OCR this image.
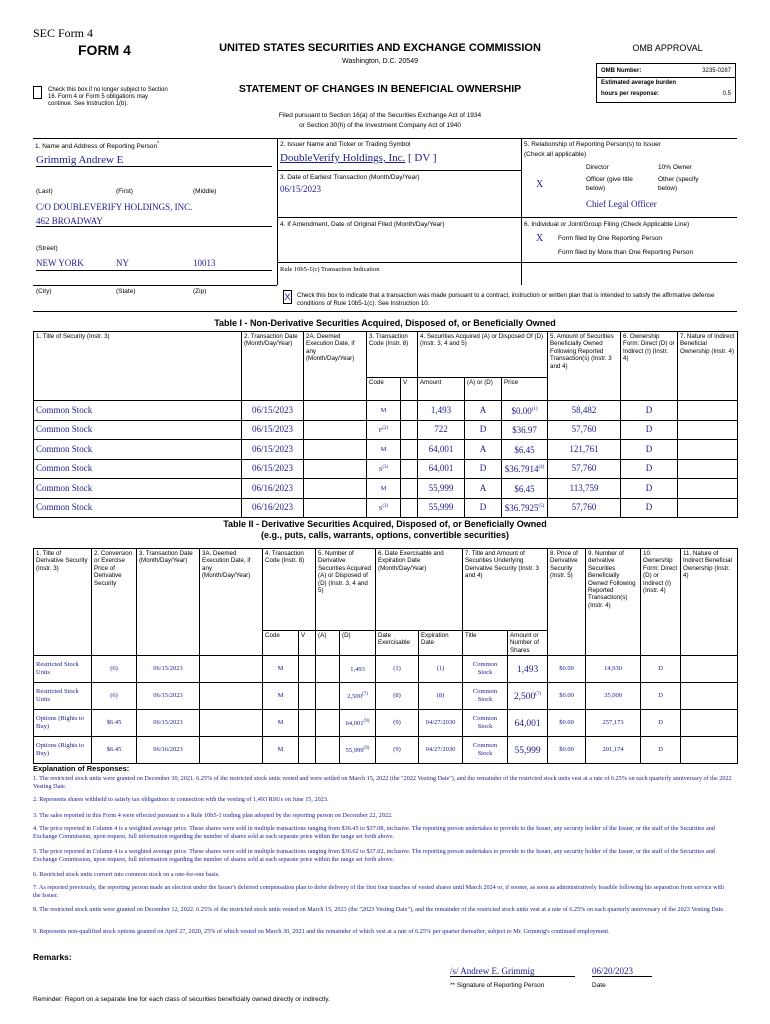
SEC Form 4
FORM 4	UNITED STATES SECURITIES AND EXCHANGE COMMISSION
Washington, D.C. 20549
STATEMENT OF CHANGES IN BENEFICIAL OWNERSHIP
Check this box if no longer subject to Section 16. Form 4 or Form 5 obligations may continue. See Instruction 1(b).
Filed pursuant to Section 16(a) of the Securities Exchange Act of 1934
or Section 30(h) of the Investment Company Act of 1940
OMB APPROVAL
OMB Number:	3235-0287
Estimated average burden
hours per response:	0.5
1. Name and Address of Reporting Person*
Grimmig Andrew E
(Last)	(First)	(Middle)
C/O DOUBLEVERIFY HOLDINGS, INC.
462 BROADWAY
(Street)
NEW YORK	NY	10013
(City)	(State)	(Zip)
2. Issuer Name and Ticker or Trading Symbol
DoubleVerify Holdings, Inc. [ DV ]
3. Date of Earliest Transaction (Month/Day/Year)
06/15/2023
4. If Amendment, Date of Original Filed (Month/Day/Year)
5. Relationship of Reporting Person(s) to Issuer
(Check all applicable)
Director	10% Owner
X	Officer (give title below)
Other (specify below)
Chief Legal Officer
6. Individual or Joint/Group Filing (Check Applicable Line)
X Form filed by One Reporting Person
Form filed by More than One Reporting Person
Rule 10b5-1(c) Transaction Indication
X Check this box to indicate that a transaction was made pursuant to a contract, instruction or written plan that is intended to satisfy the affirmative defense conditions of Rule 10b5-1(c). See Instruction 10.
Table I - Non-Derivative Securities Acquired, Disposed of, or Beneficially Owned
1. Title of Security (Instr. 3)	2. Transaction Date (Month/Day/Year)	2A. Deemed Execution Date, if any (Month/Day/Year)	3. Transaction Code (Instr. 8)		4. Securities Acquired (A) or Disposed Of (D) (Instr. 3, 4 and 5)			5. Amount of Securities Beneficially Owned Following Reported Transaction(s) (Instr. 3 and 4)	6. Ownership Form: Direct (D) or Indirect (I) (Instr. 4)	7. Nature of Indirect Beneficial Ownership (Instr. 4)
			Code	V	Amount	(A) or (D)	Price			
Common Stock	06/15/2023		M		1,493	A	$0.00$^{(1)}$	58,482	D	
Common Stock	06/15/2023		$F^{(2)}$		722	D	$36.97	57,760	D	
Common Stock	06/15/2023		M		64,001	A	$6.45	121,761	D	
Common Stock	06/15/2023		$S^{(3)}$		64,001	D	$36.7914$^{(4)}$	57,760	D	
Common Stock	06/16/2023		M		55,999	A	$6.45	113,759	D	
Common Stock	06/16/2023		$S^{(3)}$		55,999	D	$36.7925$^{(5)}$	57,760	D	
Table II - Derivative Securities Acquired, Disposed of, or Beneficially Owned
(e.g., puts, calls, warrants, options, convertible securities)
1. Title of Derivative Security (Instr. 3)	2. Conversion or Exercise Price of Derivative Security	3. Transaction Date (Month/Day/Year)	3A. Deemed Execution Date, if any (Month/Day/Year)	4. Transaction Code (Instr. 8)		5. Number of Derivative Securities Acquired (A) or Disposed of (D) (Instr. 3, 4 and 5)		6. Date Exercisable and Expiration Date (Month/Day/Year)		7. Title and Amount of Securities Underlying Derivative Security (Instr. 3 and 4)		8. Price of Derivative Security (Instr. 5)	9. Number of derivative Securities Beneficially Owned Following Reported Transaction(s) (Instr. 4)	10. Ownership Form: Direct (D) or Indirect (I) (Instr. 4)	11. Nature of Indirect Beneficial Ownership (Instr. 4)
				Code	V	(A)	(D)	Date Exercisable	Expiration Date	Title	Amount or Number of Shares				
Restricted Stock Units	(6)	06/15/2023		M			1,493	(1)	(1)	Common Stock	1,493	$0.00	14,930	D	
Restricted Stock Units	(6)	06/15/2023		M			2,500$^{(7)}$	(8)	(8)	Common Stock	2,500$^{(7)}$	$0.00	35,000	D	
Options (Rights to Buy)	$6.45	06/15/2023		M			64,001$^{(9)}$	(9)	04/27/2030	Common Stock	64,001	$0.00	257,173	D	
Options (Rights to Buy)	$6.45	06/16/2023		M			55,999$^{(9)}$	(9)	04/27/2030	Common Stock	55,999	$0.00	201,174	D	
Explanation of Responses:
1. The restricted stock units were granted on December 30, 2021. 6.25% of the restricted stock units vested and were settled on March 15, 2022 (the "2022 Vesting Date"), and the remainder of the restricted stock units vest at a rate of 6.25% on each quarterly anniversary of the 2022 Vesting Date.
2. Represents shares withheld to satisfy tax obligations in connection with the vesting of 1,493 RSUs on June 15, 2023.
3. The sales reported in this Form 4 were effected pursuant to a Rule 10b5-1 trading plan adopted by the reporting person on December 22, 2022.
4. The price reported in Column 4 is a weighted average price. These shares were sold in multiple transactions ranging from $36.45 to $37.08, inclusive. The reporting person undertakes to provide to the Issuer, any security holder of the Issuer, or the staff of the Securities and Exchange Commission, upon request, full information regarding the number of shares sold at each separate price within the range set forth above.
5. The price reported in Column 4 is a weighted average price. These shares were sold in multiple transactions ranging from $36.62 to $37.02, inclusive. The reporting person undertakes to provide to the Issuer, any security holder of the Issuer, or the staff of the Securities and Exchange Commission, upon request, full information regarding the number of shares sold at each separate price within the range set forth above.
6. Restricted stock units convert into common stock on a one-for-one basis.
7. As reported previously, the reporting person made an election under the Issuer's deferred compensation plan to defer delivery of the first four tranches of vested shares until March 2024 or, if sooner, as soon as administratively feasible following his separation from service with the Issuer.
8. The restricted stock units were granted on December 12, 2022. 6.25% of the restricted stock units vested on March 15, 2023 (the "2023 Vesting Date"), and the remainder of the restricted stock units vest at a rate of 6.25% on each quarterly anniversary of the 2023 Vesting Date.
9. Represents non-qualified stock options granted on April 27, 2020, 25% of which vested on March 30, 2021 and the remainder of which vest at a rate of 6.25% per quarter thereafter, subject to Mr. Grimmig's continued employment.
Remarks:
/s/ Andrew E. Grimmig
** Signature of Reporting Person
06/20/2023
Date
Reminder: Report on a separate line for each class of securities beneficially owned directly or indirectly.
